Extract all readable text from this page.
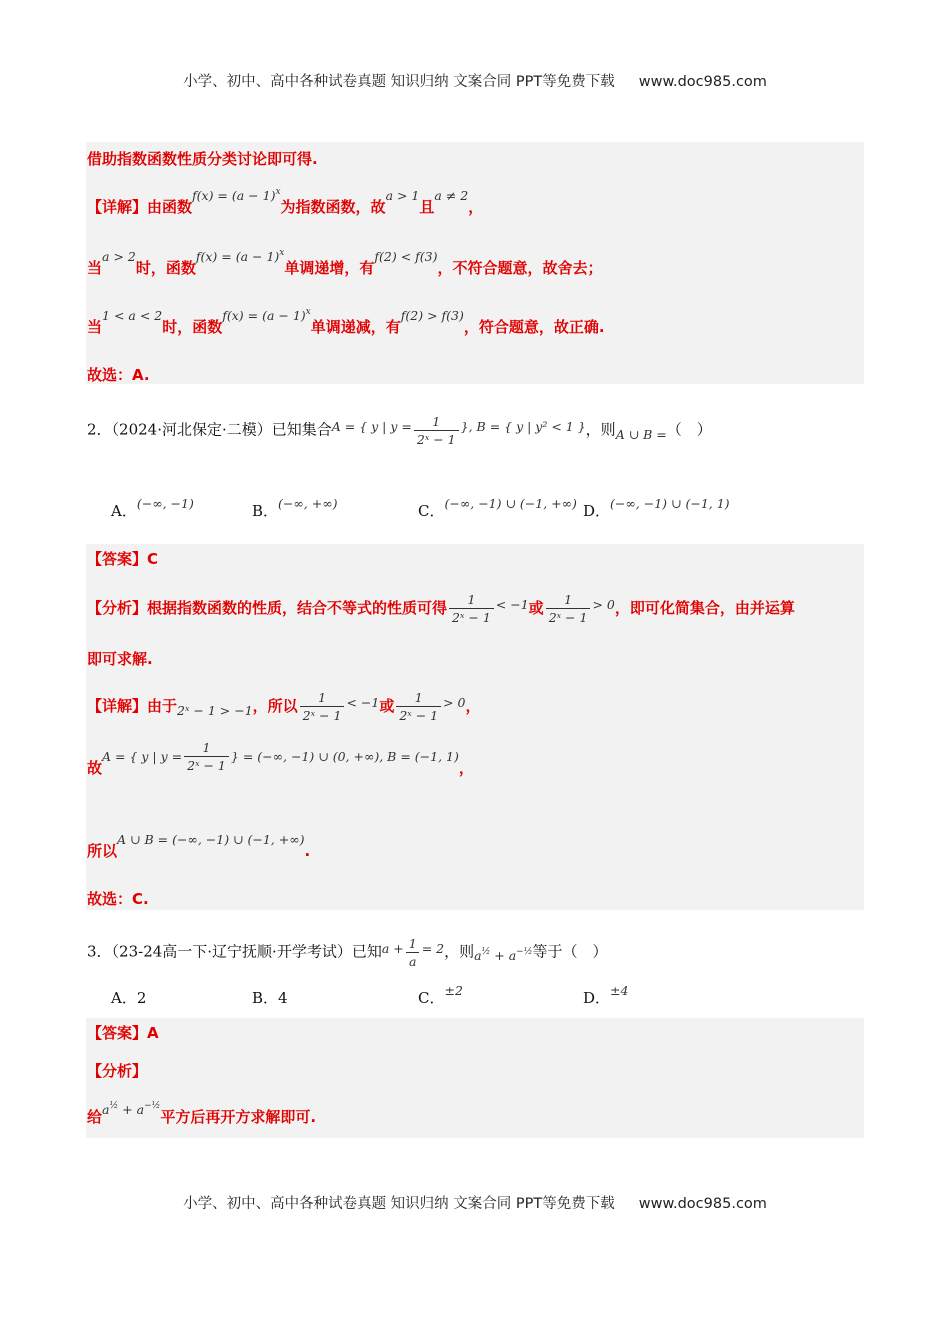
小学、初中、高中各种试卷真题 知识归纳 文案合同 PPT等免费下载 www.doc985.com
借助指数函数性质分类讨论即可得.
【详解】由函数$f(x) = (a - 1)^x$为指数函数，故a > 1且a ≠ 2，
当a > 2时，函数$f(x) = (a - 1)^x$单调递增，有f(2) < f(3)，不符合题意，故舍去；
当1 < a < 2时，函数$f(x) = (a - 1)^x$单调递减，有f(2) > f(3)，符合题意，故正确.
故选：A.
2．（2024·河北保定·二模）已知集合A = { y | $y = \frac{1}{\text{2ˣ − 1}}$ }, B = { y | y² < 1 }，则A ∪ B =（　）
A．(−∞, −1)	B．(−∞, +∞)	C．(−∞, −1) ∪ (−1, +∞) D．(−∞, −1) ∪ (−1, 1)
【答案】C
【分析】根据指数函数的性质，结合不等式的性质可得 $\frac{1}{\text{2ˣ − 1}} < -1$或 $\frac{1}{\text{2ˣ − 1}} > 0$，即可化简集合，由并运算
即可求解.
【详解】由于2ˣ − 1 > −1，所以 $\frac{1}{\text{2ˣ − 1}} < -1$或 $\frac{1}{\text{2ˣ − 1}} > 0$，
故A = { y | $y = \frac{1}{\text{2ˣ − 1}}$ } = (−∞, −1) ∪ (0, +∞), B = (−1, 1)，
所以A ∪ B = (−∞, −1) ∪ (−1, +∞).
故选：C.
3．（23-24高一下·辽宁抚顺·开学考试）已知$a + \frac{1}{a} = 2$，则$a^{\frac{1}{2}} + a^{-\frac{1}{2}}$等于（　）
A．2	B．4	C．±2	D．±4
【答案】A
【分析】
给$a^{\frac{1}{2}} + a^{-\frac{1}{2}}$平方后再开方求解即可.
小学、初中、高中各种试卷真题 知识归纳 文案合同 PPT等免费下载 www.doc985.com
